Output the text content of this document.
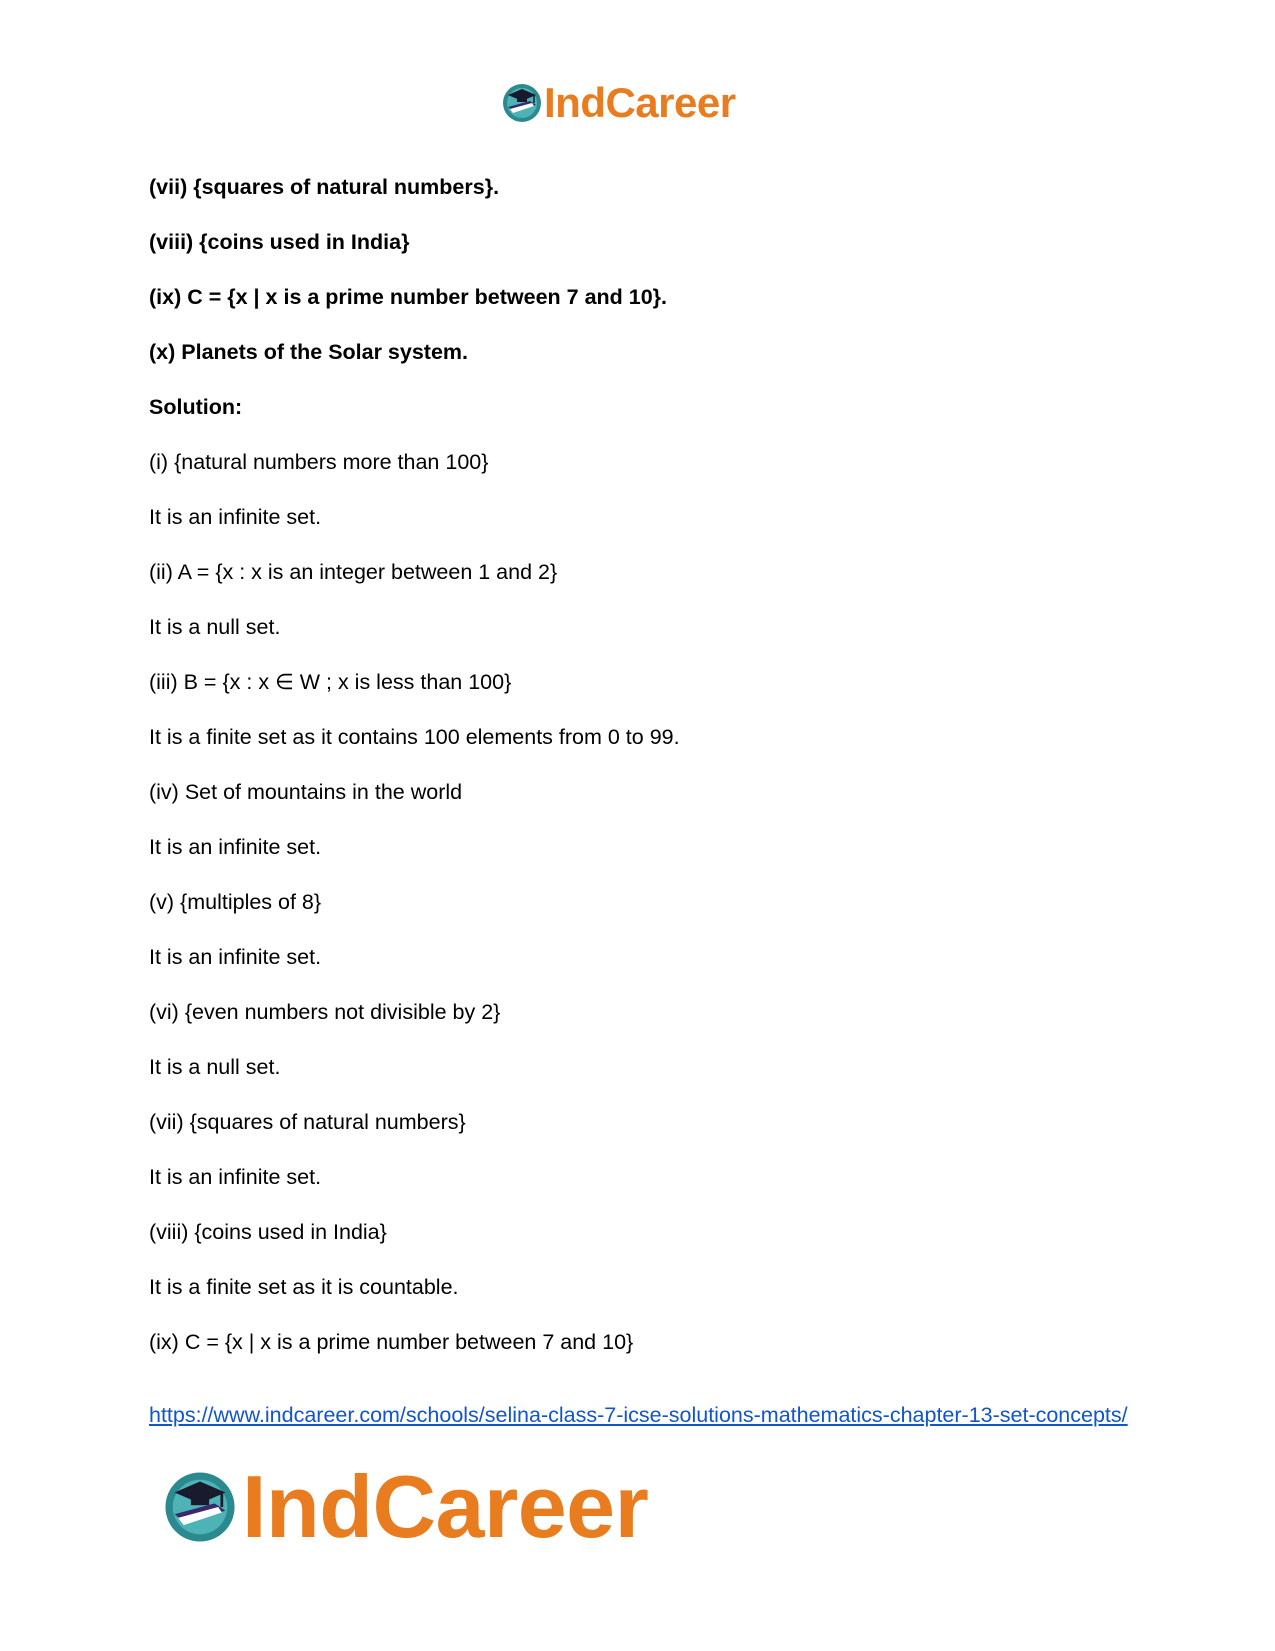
IndCareer
(vii) {squares of natural numbers}.
(viii) {coins used in India}
(ix) C = {x | x is a prime number between 7 and 10}.
(x) Planets of the Solar system.
Solution:
(i) {natural numbers more than 100}
It is an infinite set.
(ii) A = {x : x is an integer between 1 and 2}
It is a null set.
(iii) B = {x : x ∈ W ; x is less than 100}
It is a finite set as it contains 100 elements from 0 to 99.
(iv) Set of mountains in the world
It is an infinite set.
(v) {multiples of 8}
It is an infinite set.
(vi) {even numbers not divisible by 2}
It is a null set.
(vii) {squares of natural numbers}
It is an infinite set.
(viii) {coins used in India}
It is a finite set as it is countable.
(ix) C = {x | x is a prime number between 7 and 10}
https://www.indcareer.com/schools/selina-class-7-icse-solutions-mathematics-chapter-13-set-concepts/
IndCareer
